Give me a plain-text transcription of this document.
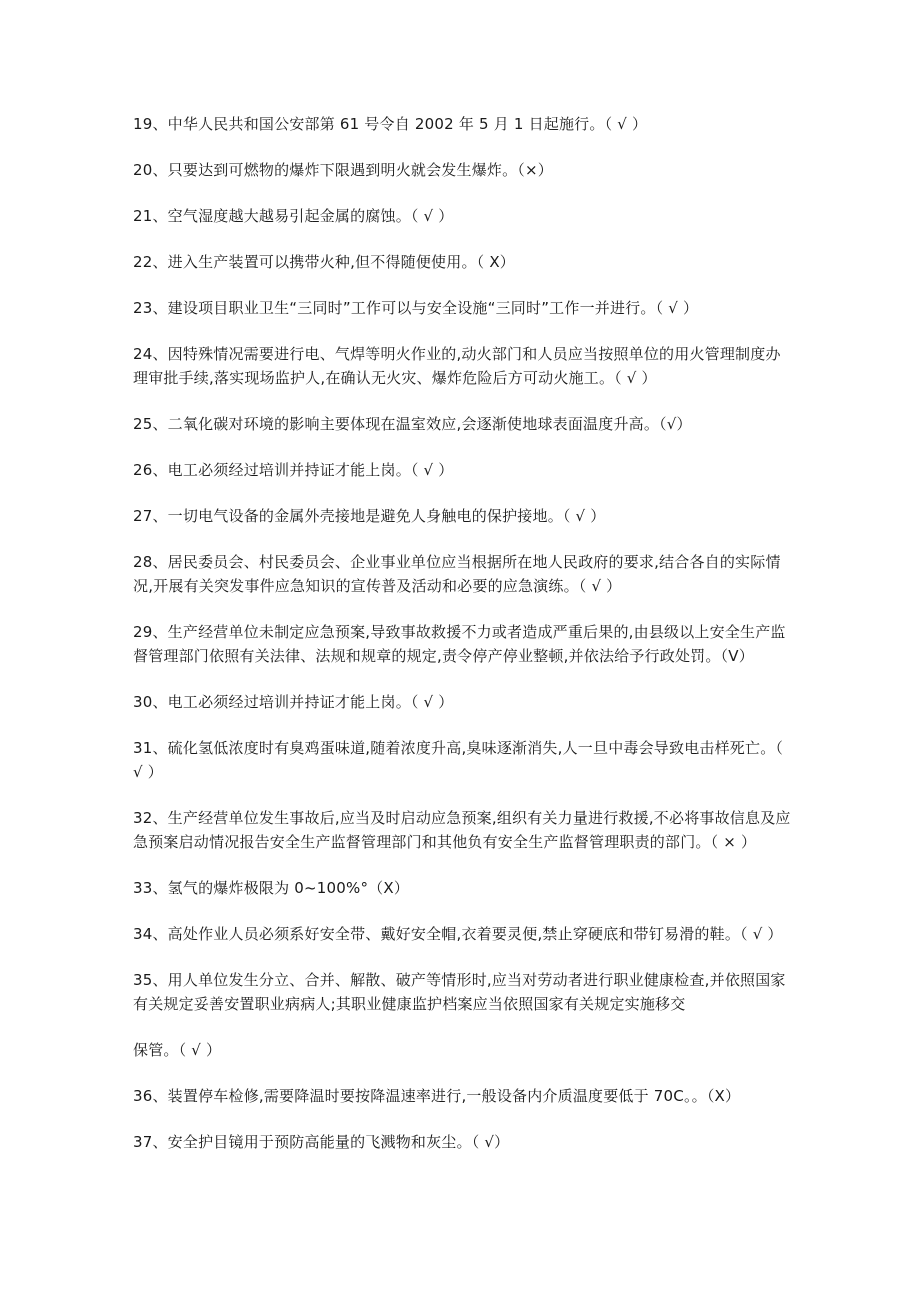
19、中华人民共和国公安部第 61 号令自 2002 年 5 月 1 日起施行。（ √ ）

20、只要达到可燃物的爆炸下限遇到明火就会发生爆炸。（×）

21、空气湿度越大越易引起金属的腐蚀。（ √ ）

22、进入生产装置可以携带火种,但不得随便使用。（ X）

23、建设项目职业卫生“三同时”工作可以与安全设施“三同时”工作一并进行。（ √ ）

24、因特殊情况需要进行电、气焊等明火作业的,动火部门和人员应当按照单位的用火管理制度办理审批手续,落实现场监护人,在确认无火灾、爆炸危险后方可动火施工。（ √ ）

25、二氧化碳对环境的影响主要体现在温室效应,会逐渐使地球表面温度升高。（√）

26、电工必须经过培训并持证才能上岗。（ √ ）

27、一切电气设备的金属外壳接地是避免人身触电的保护接地。（ √ ）

28、居民委员会、村民委员会、企业事业单位应当根据所在地人民政府的要求,结合各自的实际情况,开展有关突发事件应急知识的宣传普及活动和必要的应急演练。（ √ ）

29、生产经营单位未制定应急预案,导致事故救援不力或者造成严重后果的,由县级以上安全生产监督管理部门依照有关法律、法规和规章的规定,责令停产停业整顿,并依法给予行政处罚。（V）

30、电工必须经过培训并持证才能上岗。（ √ ）

31、硫化氢低浓度时有臭鸡蛋味道,随着浓度升高,臭味逐渐消失,人一旦中毒会导致电击样死亡。（ √ ）

32、生产经营单位发生事故后,应当及时启动应急预案,组织有关力量进行救援,不必将事故信息及应急预案启动情况报告安全生产监督管理部门和其他负有安全生产监督管理职责的部门。（ × ）

33、氢气的爆炸极限为 0~100%°（X）

34、高处作业人员必须系好安全带、戴好安全帽,衣着要灵便,禁止穿硬底和带钉易滑的鞋。（ √ ）

35、用人单位发生分立、合并、解散、破产等情形时,应当对劳动者进行职业健康检查,并依照国家有关规定妥善安置职业病病人;其职业健康监护档案应当依照国家有关规定实施移交

保管。（ √ ）

36、装置停车检修,需要降温时要按降温速率进行,一般设备内介质温度要低于 70C。。（X）

37、安全护目镜用于预防高能量的飞溅物和灰尘。（ √）
